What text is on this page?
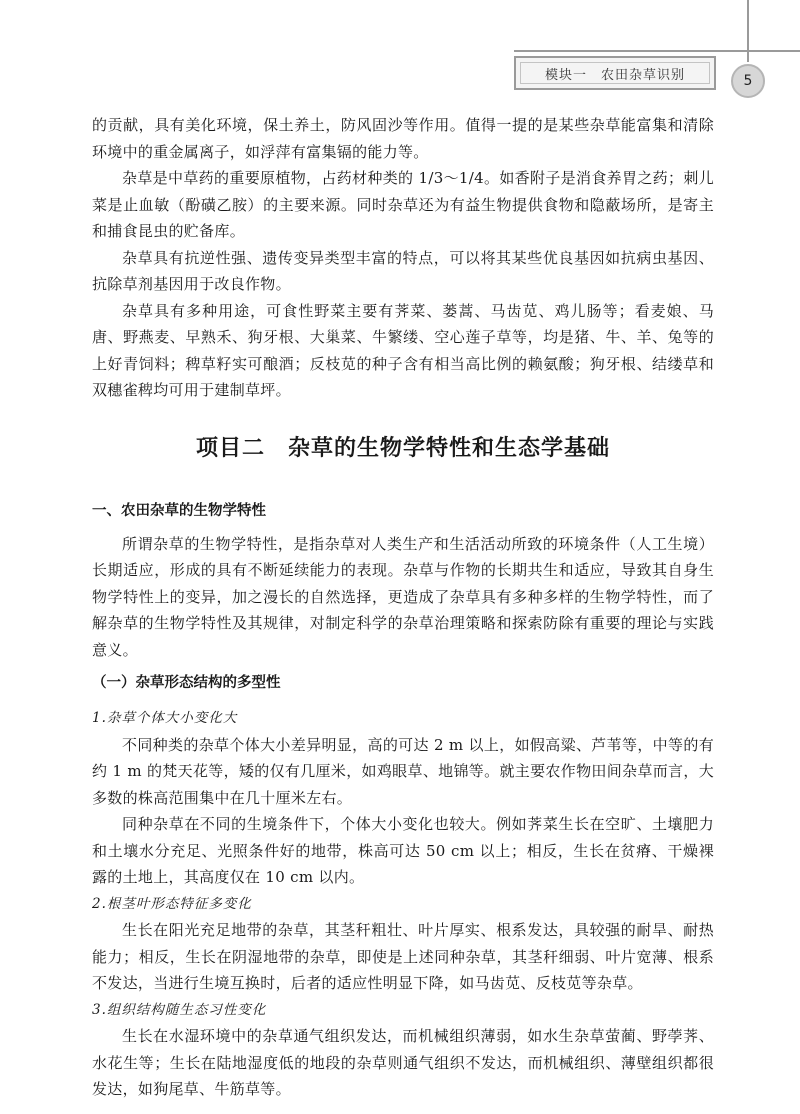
模块一　农田杂草识别	5

的贡献，具有美化环境，保土养土，防风固沙等作用。值得一提的是某些杂草能富集和清除环境中的重金属离子，如浮萍有富集镉的能力等。

杂草是中草药的重要原植物，占药材种类的 1/3～1/4。如香附子是消食养胃之药；刺儿菜是止血敏（酚磺乙胺）的主要来源。同时杂草还为有益生物提供食物和隐蔽场所，是寄主和捕食昆虫的贮备库。

杂草具有抗逆性强、遗传变异类型丰富的特点，可以将其某些优良基因如抗病虫基因、抗除草剂基因用于改良作物。

杂草具有多种用途，可食性野菜主要有荠菜、蒌蒿、马齿苋、鸡儿肠等；看麦娘、马唐、野燕麦、早熟禾、狗牙根、大巢菜、牛繁缕、空心莲子草等，均是猪、牛、羊、兔等的上好青饲料；稗草籽实可酿酒；反枝苋的种子含有相当高比例的赖氨酸；狗牙根、结缕草和双穗雀稗均可用于建制草坪。

项目二　杂草的生物学特性和生态学基础
一、农田杂草的生物学特性

所谓杂草的生物学特性，是指杂草对人类生产和生活活动所致的环境条件（人工生境）长期适应，形成的具有不断延续能力的表现。杂草与作物的长期共生和适应，导致其自身生物学特性上的变异，加之漫长的自然选择，更造成了杂草具有多种多样的生物学特性，而了解杂草的生物学特性及其规律，对制定科学的杂草治理策略和探索防除有重要的理论与实践意义。

（一）杂草形态结构的多型性

1.杂草个体大小变化大

不同种类的杂草个体大小差异明显，高的可达 2 m 以上，如假高粱、芦苇等，中等的有约 1 m 的梵天花等，矮的仅有几厘米，如鸡眼草、地锦等。就主要农作物田间杂草而言，大多数的株高范围集中在几十厘米左右。

同种杂草在不同的生境条件下，个体大小变化也较大。例如荠菜生长在空旷、土壤肥力和土壤水分充足、光照条件好的地带，株高可达 50 cm 以上；相反，生长在贫瘠、干燥裸露的土地上，其高度仅在 10 cm 以内。

2.根茎叶形态特征多变化

生长在阳光充足地带的杂草，其茎秆粗壮、叶片厚实、根系发达，具较强的耐旱、耐热能力；相反，生长在阴湿地带的杂草，即使是上述同种杂草，其茎秆细弱、叶片宽薄、根系不发达，当进行生境互换时，后者的适应性明显下降，如马齿苋、反枝苋等杂草。

3.组织结构随生态习性变化

生长在水湿环境中的杂草通气组织发达，而机械组织薄弱，如水生杂草萤蔺、野荸荠、水花生等；生长在陆地湿度低的地段的杂草则通气组织不发达，而机械组织、薄壁组织都很发达，如狗尾草、牛筋草等。
